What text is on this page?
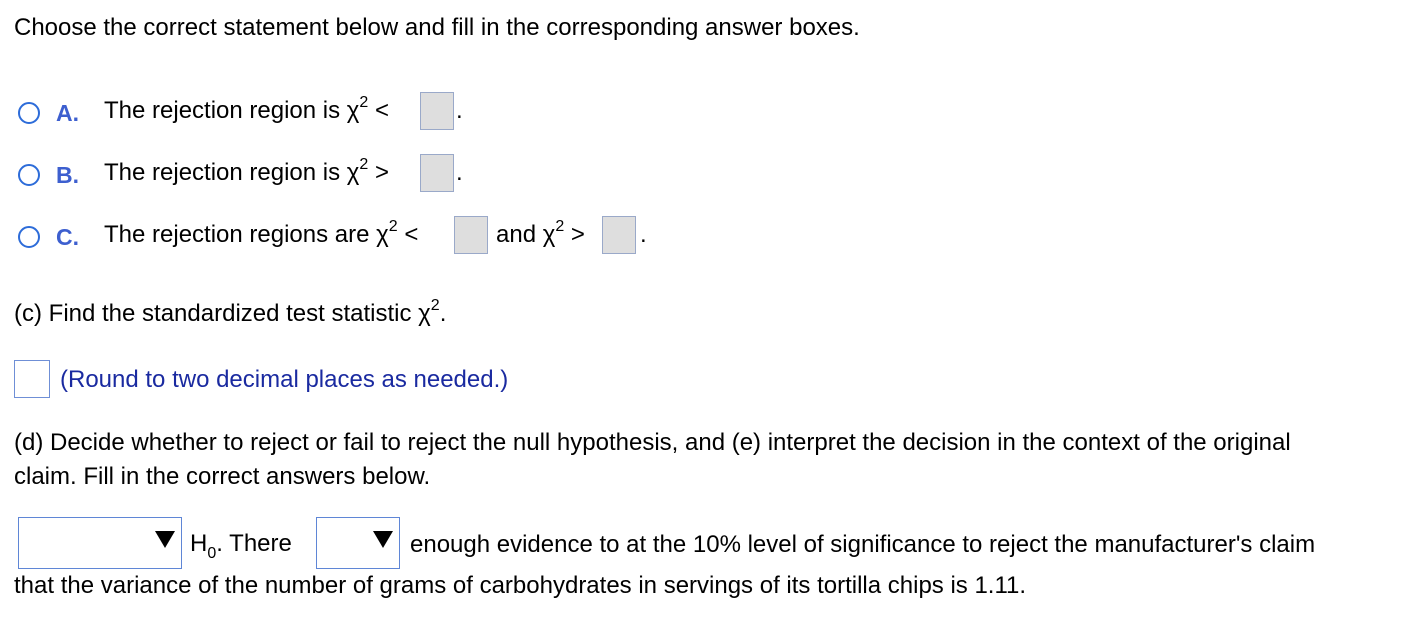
Choose the correct statement below and fill in the corresponding answer boxes.
A. The rejection region is $\chi^2$ <	.
B. The rejection region is $\chi^2$ >	.
C. The rejection regions are $\chi^2$ <	and $\chi^2$ > .
(c) Find the standardized test statistic $\chi^2$.
(Round to two decimal places as needed.)
(d) Decide whether to reject or fail to reject the null hypothesis, and (e) interpret the decision in the context of the original
claim. Fill in the correct answers below.
$H_0$. There	enough evidence to at the 10% level of significance to reject the manufacturer's claim
that the variance of the number of grams of carbohydrates in servings of its tortilla chips is 1.11.
